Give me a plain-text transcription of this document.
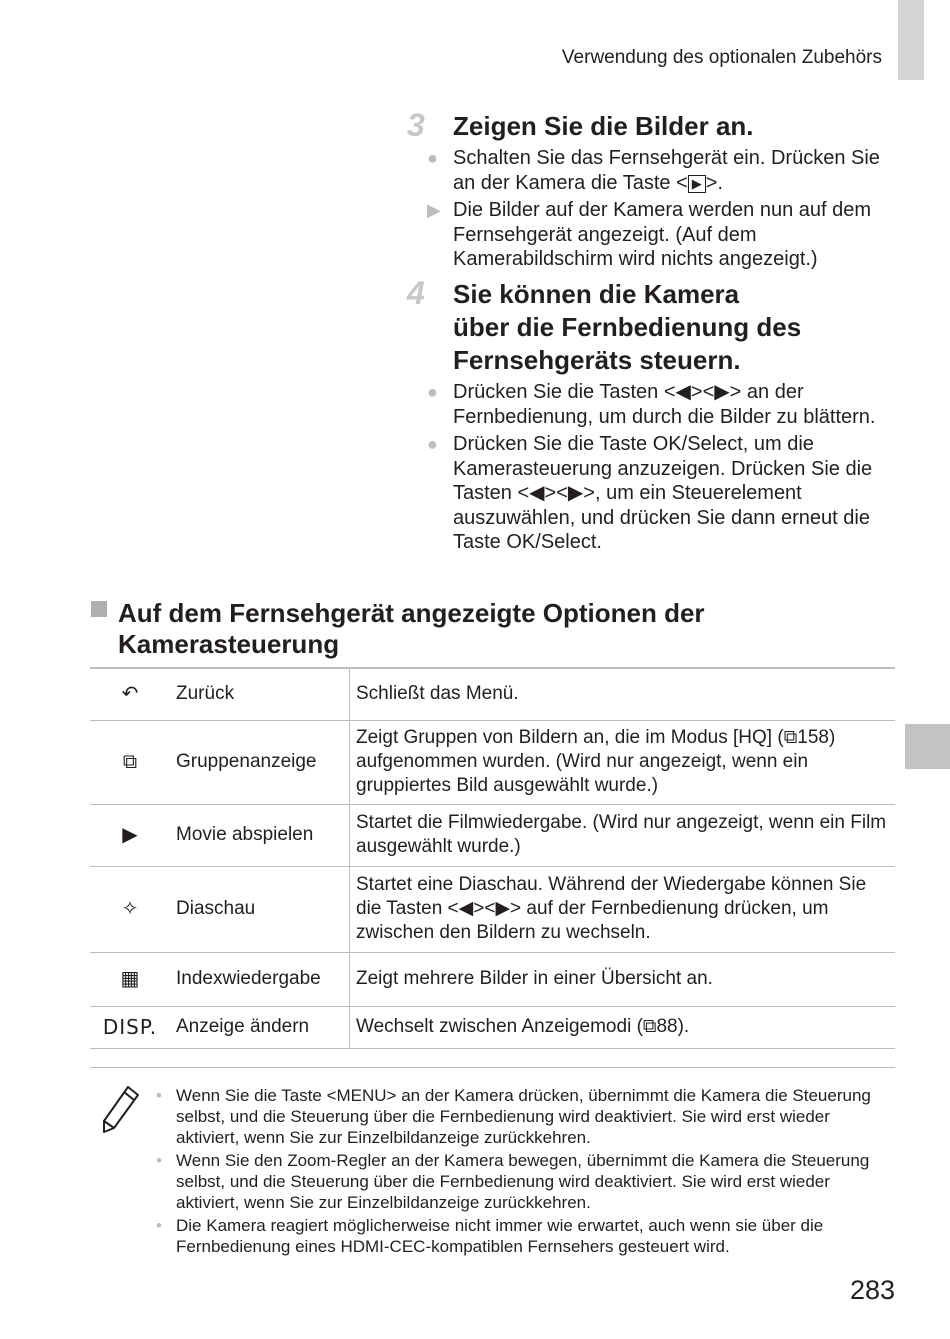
Verwendung des optionalen Zubehörs
3 Zeigen Sie die Bilder an.
● Schalten Sie das Fernsehgerät ein. Drücken Sie an der Kamera die Taste < ▶ >.
▶ Die Bilder auf der Kamera werden nun auf dem Fernsehgerät angezeigt. (Auf dem Kamerabildschirm wird nichts angezeigt.)
4 Sie können die Kamera
über die Fernbedienung des
Fernsehgeräts steuern.
● Drücken Sie die Tasten <◀><▶> an der Fernbedienung, um durch die Bilder zu blättern.
● Drücken Sie die Taste OK/Select, um die Kamerasteuerung anzuzeigen. Drücken Sie die Tasten <◀><▶>, um ein Steuerelement auszuwählen, und drücken Sie dann erneut die Taste OK/Select.
Auf dem Fernsehgerät angezeigte Optionen der Kamerasteuerung
↶	Zurück	Schließt das Menü.
⧉	Gruppenanzeige	Zeigt Gruppen von Bildern an, die im Modus [HQ] (⧉158) aufgenommen wurden. (Wird nur angezeigt, wenn ein gruppiertes Bild ausgewählt wurde.)
▶	Movie abspielen	Startet die Filmwiedergabe. (Wird nur angezeigt, wenn ein Film ausgewählt wurde.)
✧	Diaschau	Startet eine Diaschau. Während der Wiedergabe können Sie die Tasten <◀><▶> auf der Fernbedienung drücken, um zwischen den Bildern zu wechseln.
▦	Indexwiedergabe	Zeigt mehrere Bilder in einer Übersicht an.
DISP.	Anzeige ändern	Wechselt zwischen Anzeigemodi (⧉88).
• Wenn Sie die Taste <MENU> an der Kamera drücken, übernimmt die Kamera die Steuerung selbst, und die Steuerung über die Fernbedienung wird deaktiviert. Sie wird erst wieder aktiviert, wenn Sie zur Einzelbildanzeige zurückkehren.
• Wenn Sie den Zoom-Regler an der Kamera bewegen, übernimmt die Kamera die Steuerung selbst, und die Steuerung über die Fernbedienung wird deaktiviert. Sie wird erst wieder aktiviert, wenn Sie zur Einzelbildanzeige zurückkehren.
• Die Kamera reagiert möglicherweise nicht immer wie erwartet, auch wenn sie über die Fernbedienung eines HDMI-CEC-kompatiblen Fernsehers gesteuert wird.
283
